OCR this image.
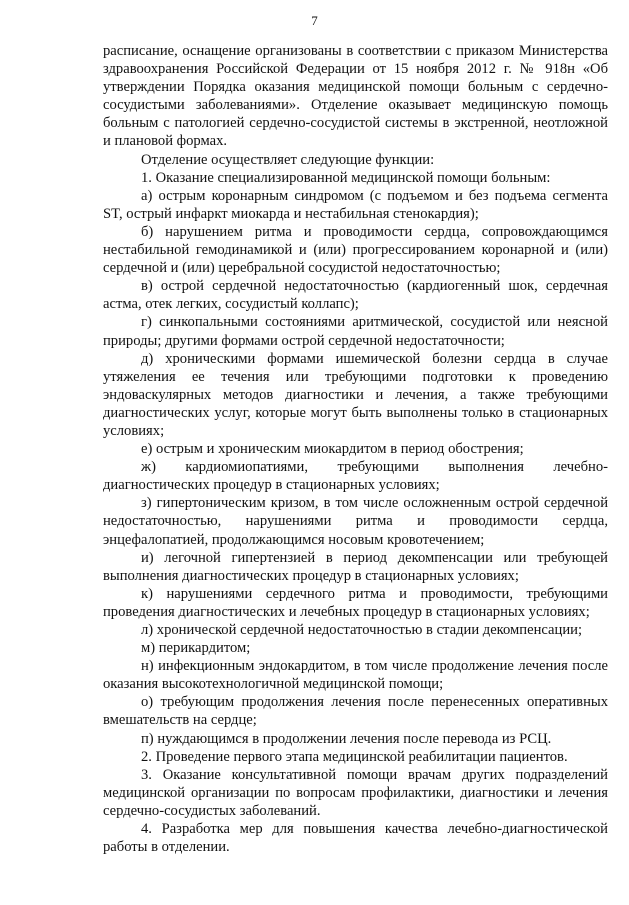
7

расписание, оснащение организованы в соответствии с приказом Министерства здравоохранения Российской Федерации от 15 ноября 2012 г. № 918н «Об утверждении Порядка оказания медицинской помощи больным с сердечно-сосудистыми заболеваниями». Отделение оказывает медицинскую помощь больным с патологией сердечно-сосудистой системы в экстренной, неотложной и плановой формах.

Отделение осуществляет следующие функции:

1. Оказание специализированной медицинской помощи больным:

а) острым коронарным синдромом (с подъемом и без подъема сегмента ST, острый инфаркт миокарда и нестабильная стенокардия);

б) нарушением ритма и проводимости сердца, сопровождающимся нестабильной гемодинамикой и (или) прогрессированием коронарной и (или) сердечной и (или) церебральной сосудистой недостаточностью;

в) острой сердечной недостаточностью (кардиогенный шок, сердечная астма, отек легких, сосудистый коллапс);

г) синкопальными состояниями аритмической, сосудистой или неясной природы; другими формами острой сердечной недостаточности;

д) хроническими формами ишемической болезни сердца в случае утяжеления ее течения или требующими подготовки к проведению эндоваскулярных методов диагностики и лечения, а также требующими диагностических услуг, которые могут быть выполнены только в стационарных условиях;

е) острым и хроническим миокардитом в период обострения;

ж) кардиомиопатиями, требующими выполнения лечебно-диагностических процедур в стационарных условиях;

з) гипертоническим кризом, в том числе осложненным острой сердечной недостаточностью, нарушениями ритма и проводимости сердца, энцефалопатией, продолжающимся носовым кровотечением;

и) легочной гипертензией в период декомпенсации или требующей выполнения диагностических процедур в стационарных условиях;

к) нарушениями сердечного ритма и проводимости, требующими проведения диагностических и лечебных процедур в стационарных условиях;

л) хронической сердечной недостаточностью в стадии декомпенсации;

м) перикардитом;

н) инфекционным эндокардитом, в том числе продолжение лечения после оказания высокотехнологичной медицинской помощи;

о) требующим продолжения лечения после перенесенных оперативных вмешательств на сердце;

п) нуждающимся в продолжении лечения после перевода из РСЦ.

2. Проведение первого этапа медицинской реабилитации пациентов.

3. Оказание консультативной помощи врачам других подразделений медицинской организации по вопросам профилактики, диагностики и лечения сердечно-сосудистых заболеваний.

4. Разработка мер для повышения качества лечебно-диагностической работы в отделении.
